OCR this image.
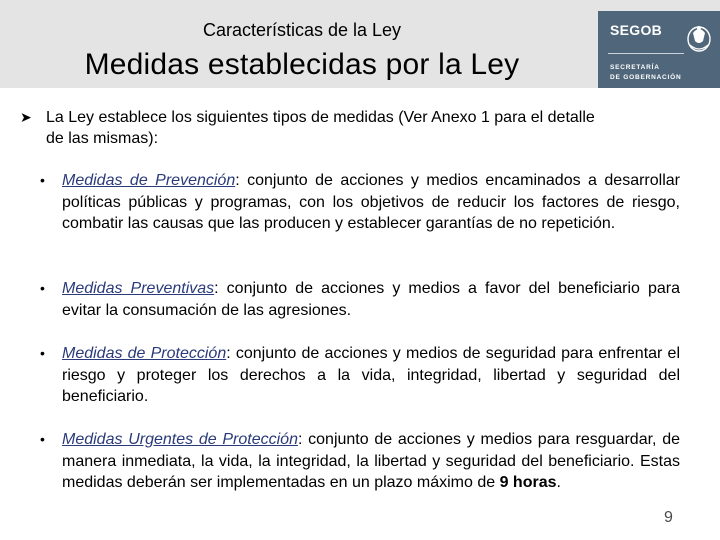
Características de la Ley
Medidas establecidas por la Ley
SEGOB
SECRETARÍA
DE GOBERNACIÓN
➤ La Ley establece los siguientes tipos de medidas (Ver Anexo 1 para el detalle
de las mismas):
• Medidas de Prevención: conjunto de acciones y medios encaminados a desarrollar políticas públicas y programas, con los objetivos de reducir los factores de riesgo, combatir las causas que las producen y establecer garantías de no repetición.
• Medidas Preventivas: conjunto de acciones y medios a favor del beneficiario para evitar la consumación de las agresiones.
• Medidas de Protección: conjunto de acciones y medios de seguridad para enfrentar el riesgo y proteger los derechos a la vida, integridad, libertad y seguridad del beneficiario.
• Medidas Urgentes de Protección: conjunto de acciones y medios para resguardar, de manera inmediata, la vida, la integridad, la libertad y seguridad del beneficiario. Estas medidas deberán ser implementadas en un plazo máximo de 9 horas.
9
